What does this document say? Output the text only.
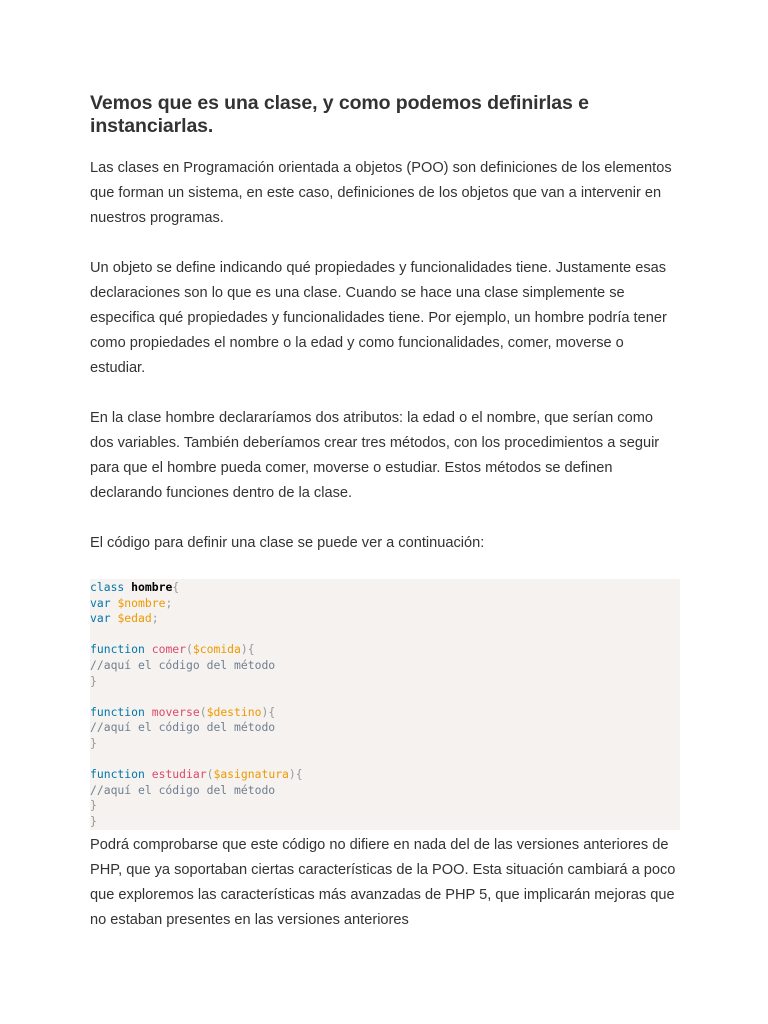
Vemos que es una clase, y como podemos definirlas e instanciarlas.

Las clases en Programación orientada a objetos (POO) son definiciones de los elementos que forman un sistema, en este caso, definiciones de los objetos que van a intervenir en nuestros programas.

Un objeto se define indicando qué propiedades y funcionalidades tiene. Justamente esas declaraciones son lo que es una clase. Cuando se hace una clase simplemente se especifica qué propiedades y funcionalidades tiene. Por ejemplo, un hombre podría tener como propiedades el nombre o la edad y como funcionalidades, comer, moverse o estudiar.

En la clase hombre declararíamos dos atributos: la edad o el nombre, que serían como dos variables. También deberíamos crear tres métodos, con los procedimientos a seguir para que el hombre pueda comer, moverse o estudiar. Estos métodos se definen declarando funciones dentro de la clase.

El código para definir una clase se puede ver a continuación:

class hombre{
var $nombre;
var $edad;
function comer($comida){
//aquí el código del método
}
function moverse($destino){
//aquí el código del método
}
function estudiar($asignatura){
//aquí el código del método
}
}

Podrá comprobarse que este código no difiere en nada del de las versiones anteriores de PHP, que ya soportaban ciertas características de la POO. Esta situación cambiará a poco que exploremos las características más avanzadas de PHP 5, que implicarán mejoras que no estaban presentes en las versiones anteriores
